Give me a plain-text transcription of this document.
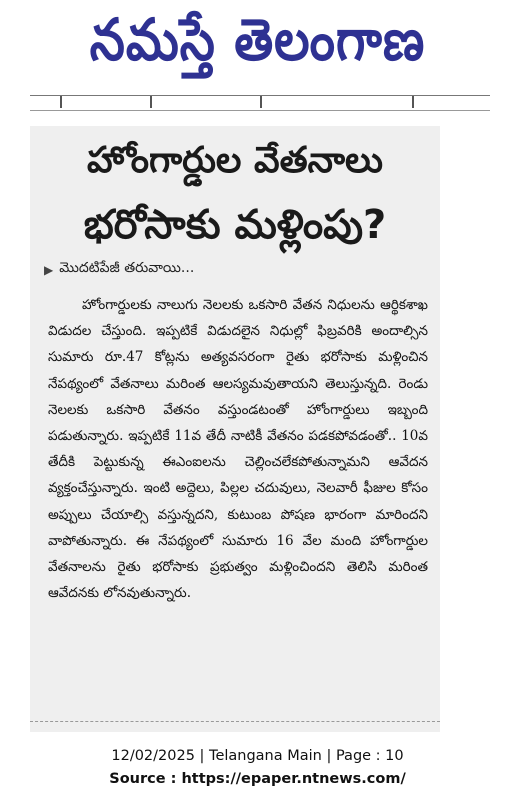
నమస్తే తెలంగాణ
హోంగార్డుల వేతనాలు
భరోసాకు మళ్లింపు?
▶ మొదటిపేజీ తరువాయి...
హోంగార్డులకు నాలుగు నెలలకు ఒకసారి వేతన నిధులను ఆర్థికశాఖ విడుదల చేస్తుంది. ఇప్పటికే విడుదలైన నిధుల్లో ఫిబ్రవరికి అందాల్సిన సుమారు రూ.47 కోట్లను అత్యవసరంగా రైతు భరోసాకు మళ్లించిన నేపథ్యంలో వేతనాలు మరింత ఆలస్యమవుతాయని తెలుస్తున్నది. రెండు నెలలకు ఒకసారి వేతనం వస్తుండటంతో హోంగార్డులు ఇబ్బంది పడుతున్నారు. ఇప్పటికే 11వ తేదీ నాటికీ వేతనం పడకపోవడంతో.. 10వ తేదీకి పెట్టుకున్న ఈఎంఐలను చెల్లించలేకపోతున్నామని ఆవేదన వ్యక్తంచేస్తున్నారు. ఇంటి అద్దెలు, పిల్లల చదువులు, నెలవారీ ఫీజుల కోసం అప్పులు చేయాల్సి వస్తున్నదని, కుటుంబ పోషణ భారంగా మారిందని వాపోతున్నారు. ఈ నేపథ్యంలో సుమారు 16 వేల మంది హోంగార్డుల వేతనాలను రైతు భరోసాకు ప్రభుత్వం మళ్లించిందని తెలిసి మరింత ఆవేదనకు లోనవుతున్నారు.
12/02/2025 | Telangana Main | Page : 10
Source : https://epaper.ntnews.com/
